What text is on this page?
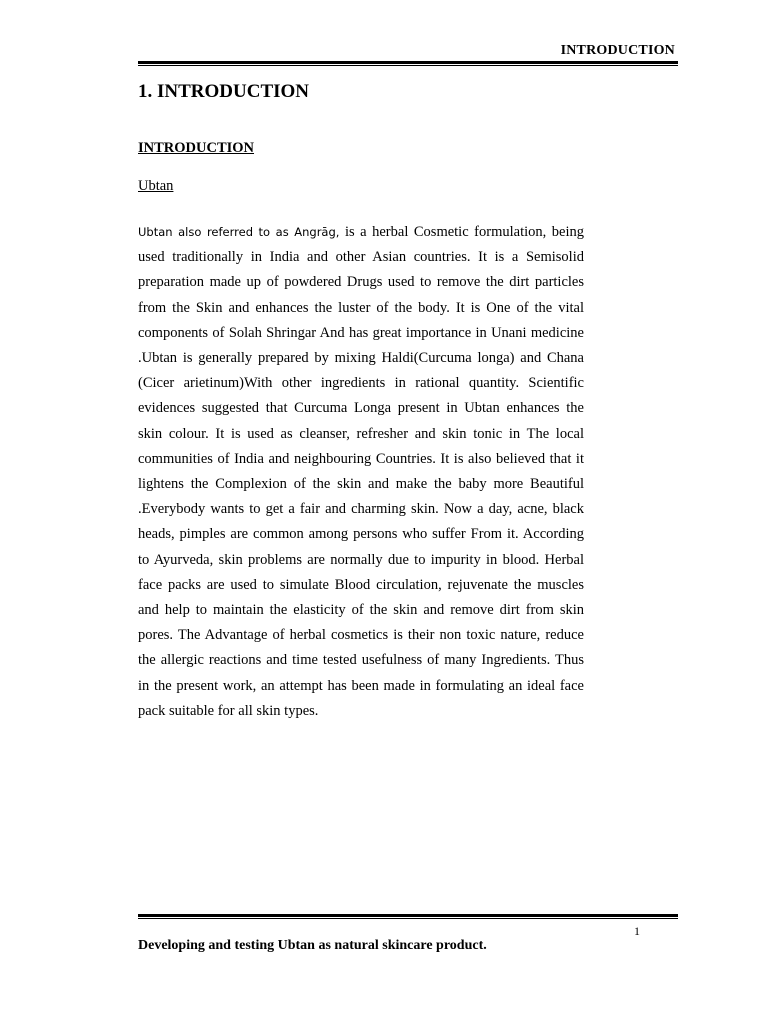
INTRODUCTION
1. INTRODUCTION
INTRODUCTION
Ubtan

Ubtan also referred to as Angrāg, is a herbal Cosmetic formulation, being used traditionally in India and other Asian countries. It is a Semisolid preparation made up of powdered Drugs used to remove the dirt particles from the Skin and enhances the luster of the body. It is One of the vital components of Solah Shringar And has great importance in Unani medicine .Ubtan is generally prepared by mixing Haldi(Curcuma longa) and Chana (Cicer arietinum)With other ingredients in rational quantity. Scientific evidences suggested that Curcuma Longa present in Ubtan enhances the skin colour. It is used as cleanser, refresher and skin tonic in The local communities of India and neighbouring Countries. It is also believed that it lightens the Complexion of the skin and make the baby more Beautiful .Everybody wants to get a fair and charming skin. Now a day, acne, black heads, pimples are common among persons who suffer From it. According to Ayurveda, skin problems are normally due to impurity in blood. Herbal face packs are used to simulate Blood circulation, rejuvenate the muscles and help to maintain the elasticity of the skin and remove dirt from skin pores. The Advantage of herbal cosmetics is their non toxic nature, reduce the allergic reactions and time tested usefulness of many Ingredients. Thus in the present work, an attempt has been made in formulating an ideal face pack suitable for all skin types.

1
Developing and testing Ubtan as natural skincare product.
